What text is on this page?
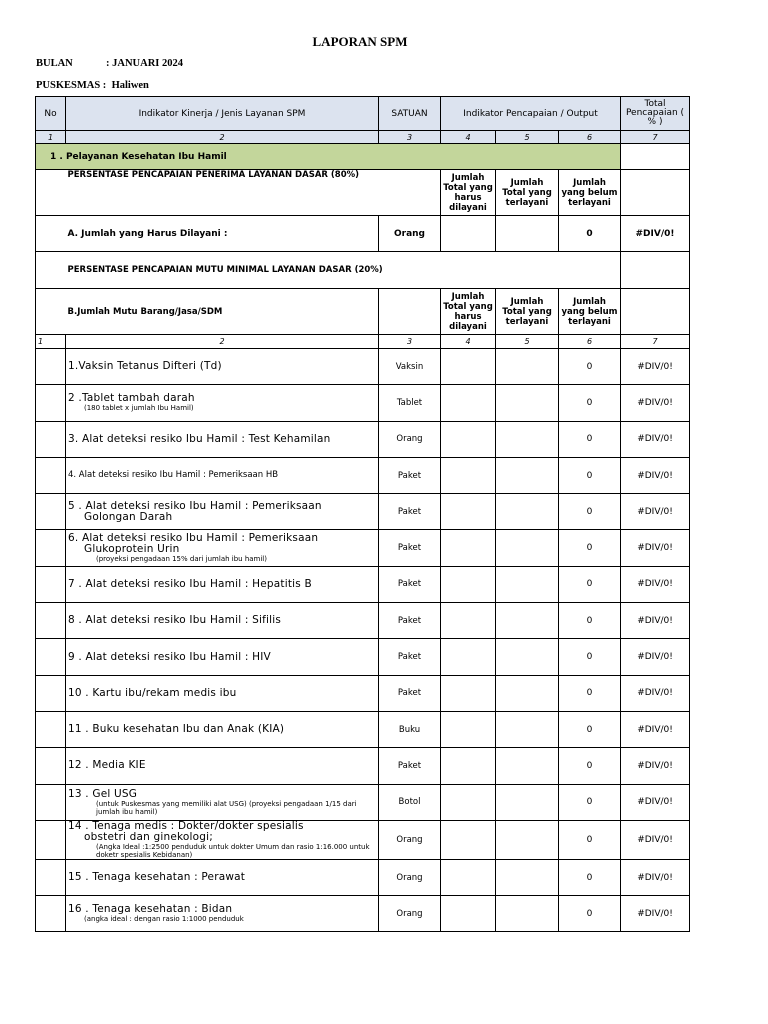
LAPORAN SPM
BULAN	: JANUARI 2024
PUSKESMAS : Haliwen
No	Indikator Kinerja / Jenis Layanan SPM	SATUAN	Indikator Pencapaian / Output			Total Pencapaian ( % )
1	2	3	4	5	6	7
1 . Pelayanan Kesehatan Ibu Hamil						
	PERSENTASE PENCAPAIAN PENERIMA LAYANAN DASAR (80%)		Jumlah Total yang harus dilayani	Jumlah Total yang terlayani	Jumlah yang belum terlayani	
	A. Jumlah yang Harus Dilayani :	Orang			0	#DIV/0!
	PERSENTASE PENCAPAIAN MUTU MINIMAL LAYANAN DASAR (20%)					
	B.Jumlah Mutu Barang/Jasa/SDM		Jumlah Total yang harus dilayani	Jumlah Total yang terlayani	Jumlah yang belum terlayani	
1	2	3	4	5	6	7

	1.Vaksin Tetanus Difteri (Td)	Vaksin			0	#DIV/0!

	2 .Tablet tambah darah
(180 tablet x jumlah Ibu Hamil)	Tablet			0	#DIV/0!

	3. Alat deteksi resiko Ibu Hamil : Test Kehamilan	Orang			0	#DIV/0!

	4. Alat deteksi resiko Ibu Hamil : Pemeriksaan HB	Paket			0	#DIV/0!

	5 . Alat deteksi resiko Ibu Hamil : Pemeriksaan
Golongan Darah	Paket			0	#DIV/0!

	6. Alat deteksi resiko Ibu Hamil : Pemeriksaan
Glukoprotein Urin
(proyeksi pengadaan 15% dari jumlah ibu hamil)	Paket			0	#DIV/0!

	7 . Alat deteksi resiko Ibu Hamil : Hepatitis B	Paket			0	#DIV/0!

	8 . Alat deteksi resiko Ibu Hamil : Sifilis	Paket			0	#DIV/0!

	9 . Alat deteksi resiko Ibu Hamil : HIV	Paket			0	#DIV/0!

	10 . Kartu ibu/rekam medis ibu	Paket			0	#DIV/0!

	11 . Buku kesehatan Ibu dan Anak (KIA)	Buku			0	#DIV/0!

	12 . Media KIE	Paket			0	#DIV/0!

	13 . Gel USG
(untuk Puskesmas yang memiliki alat USG) (proyeksi pengadaan 1/15 dari jumlah ibu hamil)	Botol			0	#DIV/0!

	14 . Tenaga medis : Dokter/dokter spesialis
obstetri dan ginekologi;
(Angka Ideal :1:2500 penduduk untuk dokter Umum dan rasio 1:16.000 untuk doketr spesialis Kebidanan)	Orang			0	#DIV/0!

	15 . Tenaga kesehatan : Perawat	Orang			0	#DIV/0!

	16 . Tenaga kesehatan : Bidan
(angka ideal : dengan rasio 1:1000 penduduk	Orang			0	#DIV/0!
